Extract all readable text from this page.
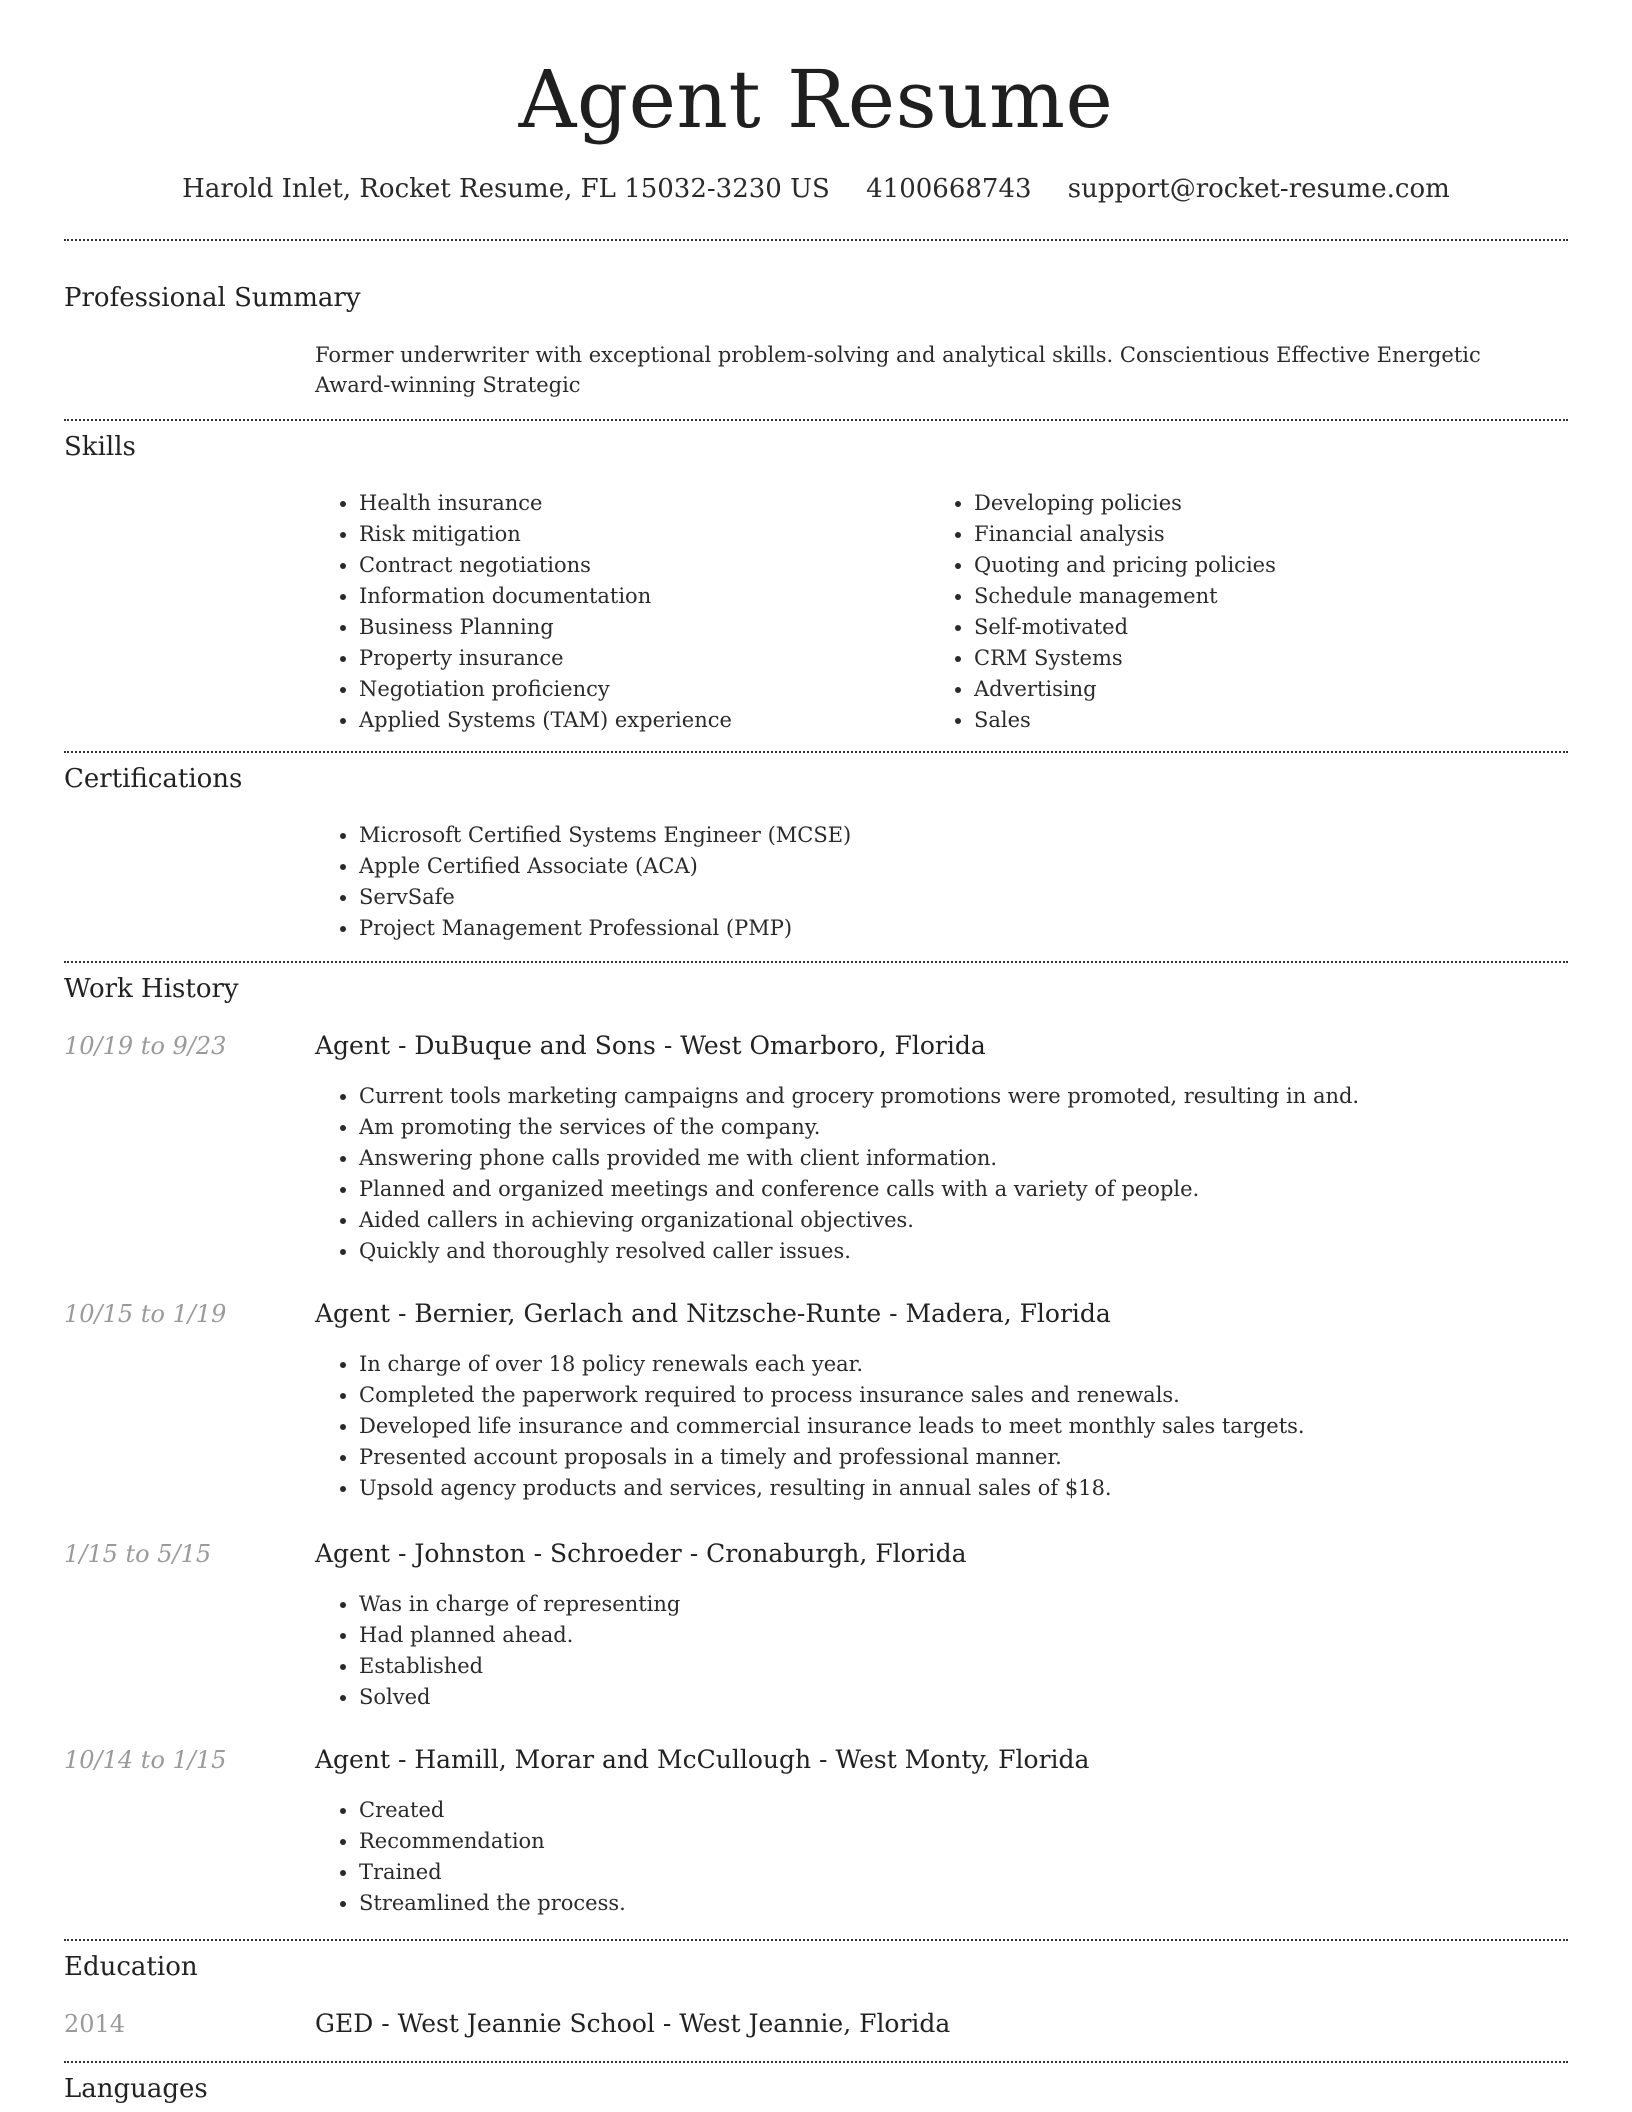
Agent Resume
Harold Inlet, Rocket Resume, FL 15032-3230 US 4100668743 support@rocket-resume.com
Professional Summary
Former underwriter with exceptional problem-solving and analytical skills. Conscientious Effective Energetic Award-winning Strategic
Skills
• Health insurance
• Risk mitigation
• Contract negotiations
• Information documentation
• Business Planning
• Property insurance
• Negotiation proficiency
• Applied Systems (TAM) experience
• Developing policies
• Financial analysis
• Quoting and pricing policies
• Schedule management
• Self-motivated
• CRM Systems
• Advertising
• Sales
Certifications
• Microsoft Certified Systems Engineer (MCSE)
• Apple Certified Associate (ACA)
• ServSafe
• Project Management Professional (PMP)
Work History
10/19 to 9/23	Agent - DuBuque and Sons - West Omarboro, Florida
• Current tools marketing campaigns and grocery promotions were promoted, resulting in and.
• Am promoting the services of the company.
• Answering phone calls provided me with client information.
• Planned and organized meetings and conference calls with a variety of people.
• Aided callers in achieving organizational objectives.
• Quickly and thoroughly resolved caller issues.
10/15 to 1/19	Agent - Bernier, Gerlach and Nitzsche-Runte - Madera, Florida
• In charge of over 18 policy renewals each year.
• Completed the paperwork required to process insurance sales and renewals.
• Developed life insurance and commercial insurance leads to meet monthly sales targets.
• Presented account proposals in a timely and professional manner.
• Upsold agency products and services, resulting in annual sales of $18.
1/15 to 5/15	Agent - Johnston - Schroeder - Cronaburgh, Florida
• Was in charge of representing
• Had planned ahead.
• Established
• Solved
10/14 to 1/15	Agent - Hamill, Morar and McCullough - West Monty, Florida
• Created
• Recommendation
• Trained
• Streamlined the process.
Education
2014	GED - West Jeannie School - West Jeannie, Florida
Languages
